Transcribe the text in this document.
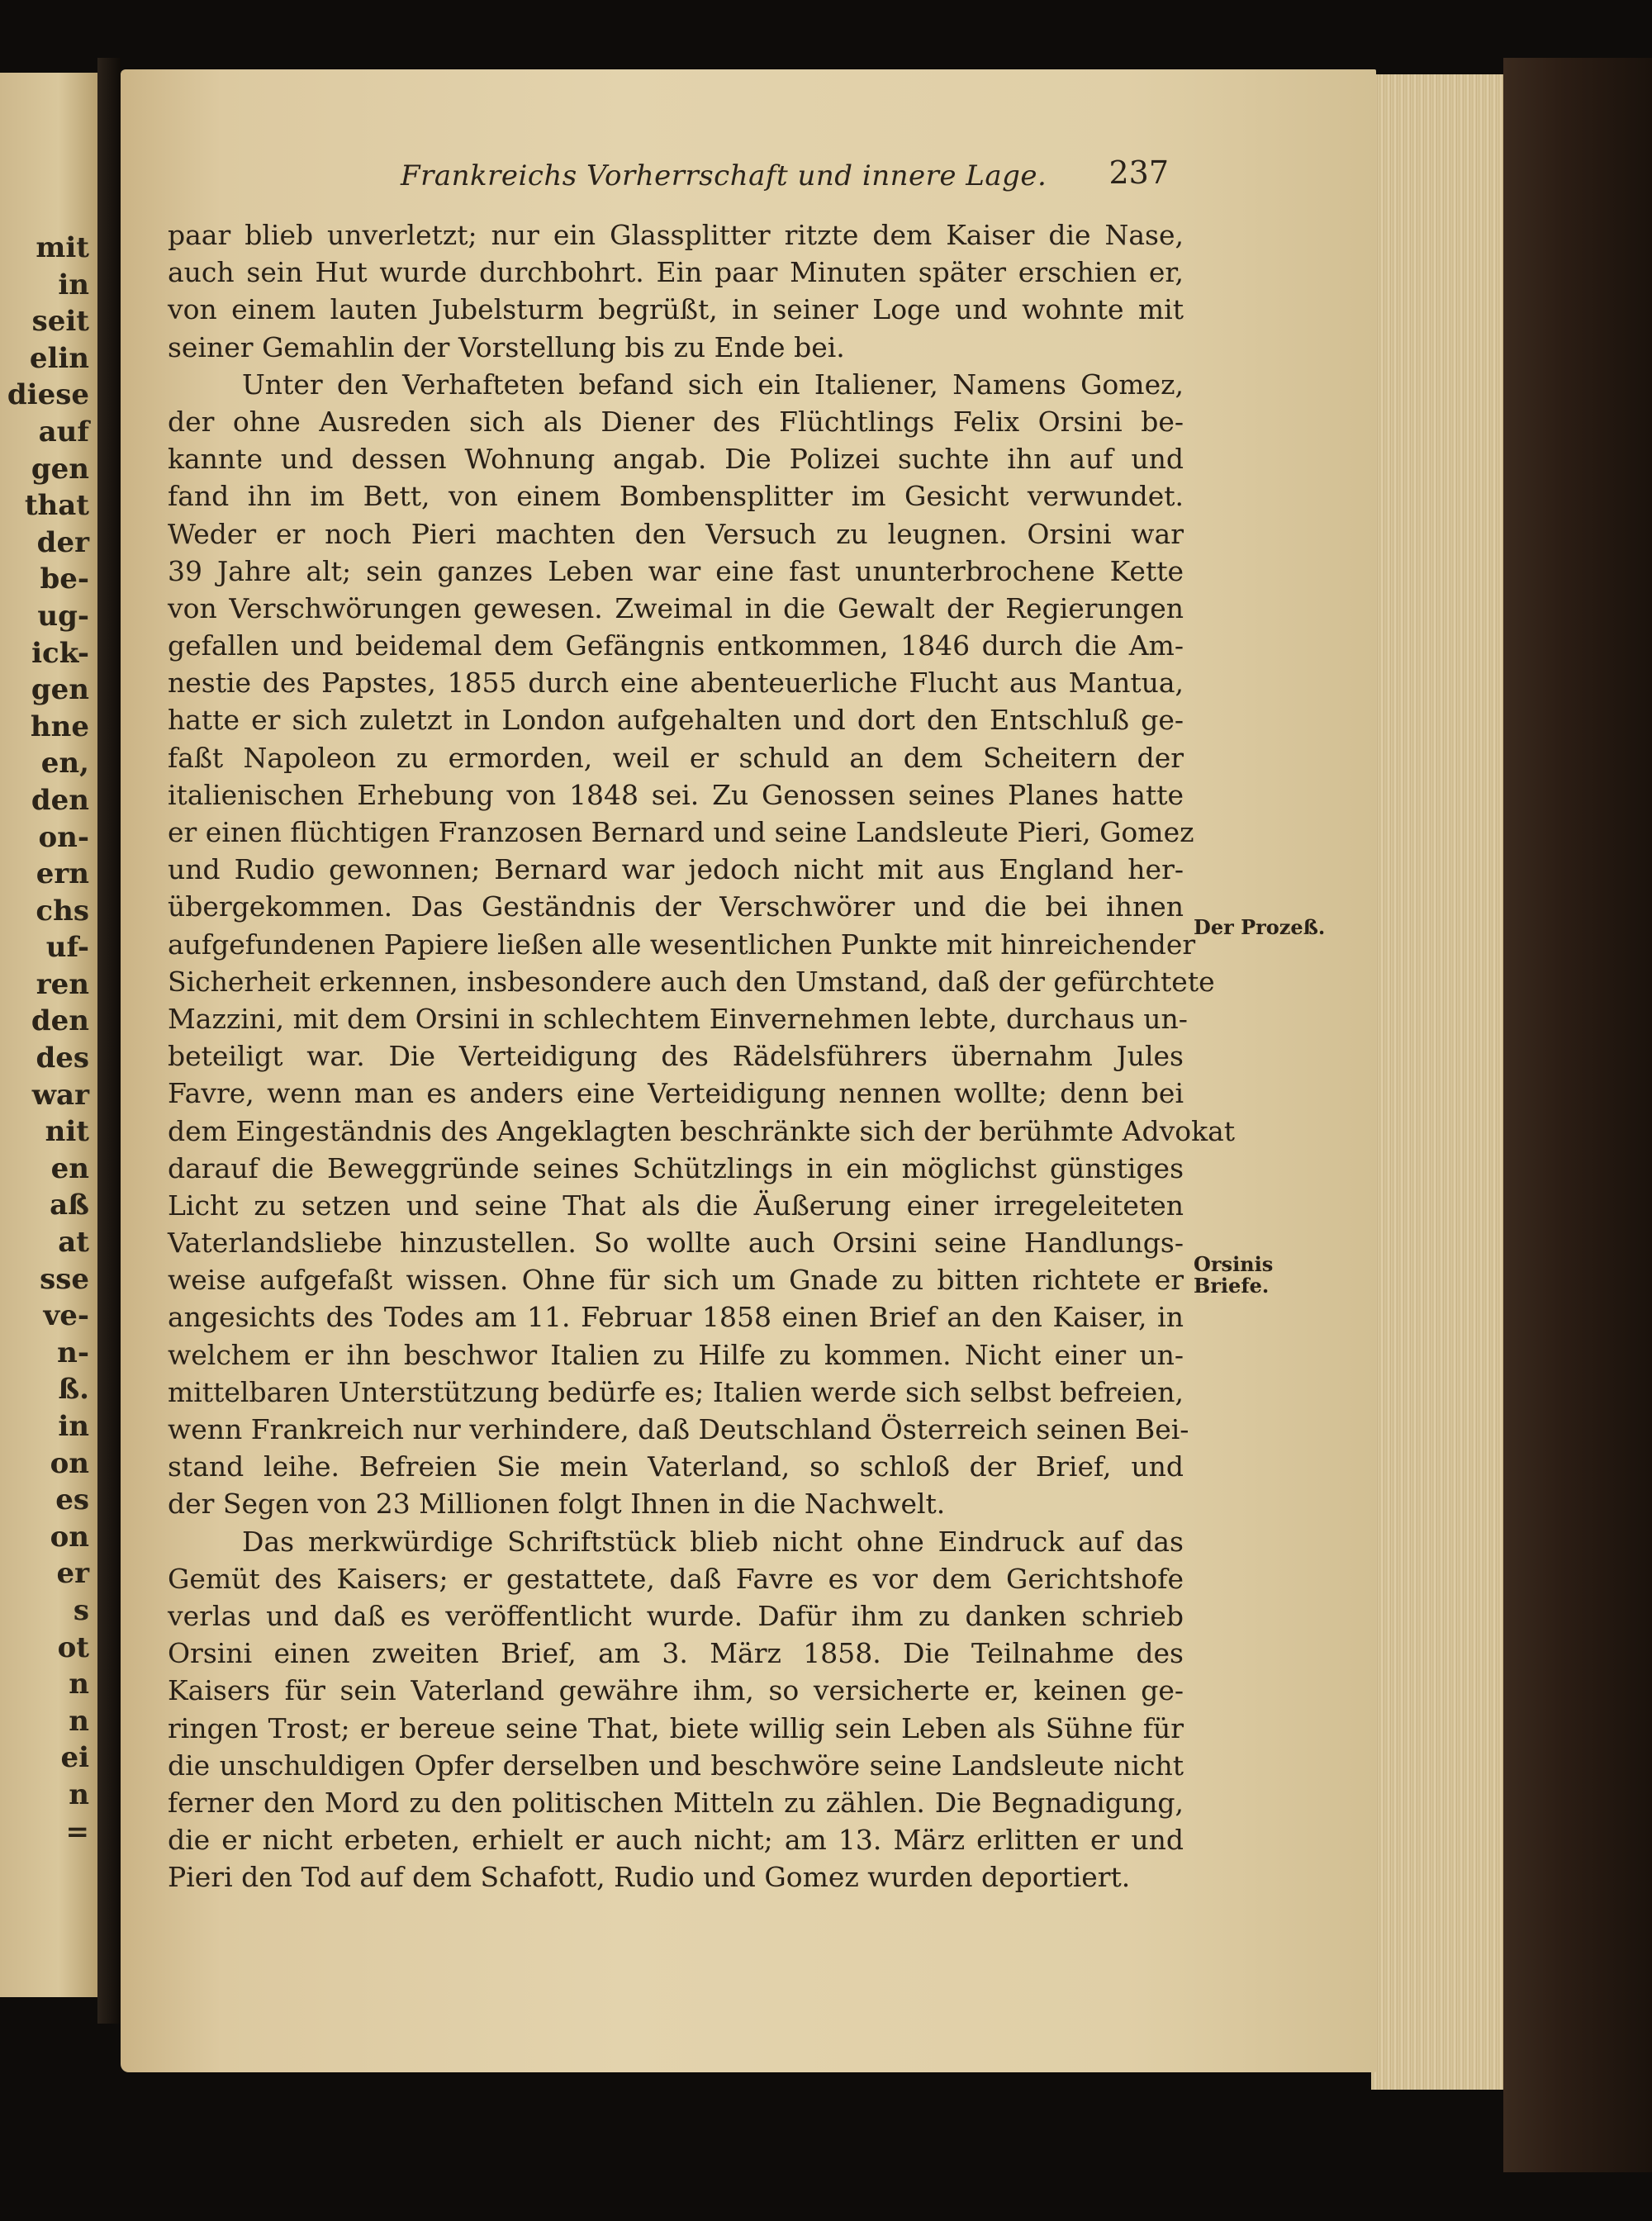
mit
in
seit
elin
diese
auf
gen
that
der
be-
ug-
ick-
gen
hne
en,
den
on-
ern
chs
uf-
ren
den
des
war
nit
en
aß
at
sse
ve-
n-
ß.
in
on
es
on
er
s
ot
n
n
ei
n
=
Frankreichs Vorherrschaft und innere Lage. 237
paar blieb unverletzt; nur ein Glassplitter ritzte dem Kaiser die Nase,
auch sein Hut wurde durchbohrt. Ein paar Minuten später erschien er,
von einem lauten Jubelsturm begrüßt, in seiner Loge und wohnte mit
seiner Gemahlin der Vorstellung bis zu Ende bei.
Unter den Verhafteten befand sich ein Italiener, Namens Gomez,
der ohne Ausreden sich als Diener des Flüchtlings Felix Orsini be-
kannte und dessen Wohnung angab. Die Polizei suchte ihn auf und
fand ihn im Bett, von einem Bombensplitter im Gesicht verwundet.
Weder er noch Pieri machten den Versuch zu leugnen. Orsini war
39 Jahre alt; sein ganzes Leben war eine fast ununterbrochene Kette
von Verschwörungen gewesen. Zweimal in die Gewalt der Regierungen
gefallen und beidemal dem Gefängnis entkommen, 1846 durch die Am-
nestie des Papstes, 1855 durch eine abenteuerliche Flucht aus Mantua,
hatte er sich zuletzt in London aufgehalten und dort den Entschluß ge-
faßt Napoleon zu ermorden, weil er schuld an dem Scheitern der
italienischen Erhebung von 1848 sei. Zu Genossen seines Planes hatte
er einen flüchtigen Franzosen Bernard und seine Landsleute Pieri, Gomez
und Rudio gewonnen; Bernard war jedoch nicht mit aus England her-
übergekommen. Das Geständnis der Verschwörer und die bei ihnen
aufgefundenen Papiere ließen alle wesentlichen Punkte mit hinreichender
Sicherheit erkennen, insbesondere auch den Umstand, daß der gefürchtete
Mazzini, mit dem Orsini in schlechtem Einvernehmen lebte, durchaus un-
beteiligt war. Die Verteidigung des Rädelsführers übernahm Jules
Favre, wenn man es anders eine Verteidigung nennen wollte; denn bei
dem Eingeständnis des Angeklagten beschränkte sich der berühmte Advokat
darauf die Beweggründe seines Schützlings in ein möglichst günstiges
Licht zu setzen und seine That als die Äußerung einer irregeleiteten
Vaterlandsliebe hinzustellen. So wollte auch Orsini seine Handlungs-
weise aufgefaßt wissen. Ohne für sich um Gnade zu bitten richtete er
angesichts des Todes am 11. Februar 1858 einen Brief an den Kaiser, in
welchem er ihn beschwor Italien zu Hilfe zu kommen. Nicht einer un-
mittelbaren Unterstützung bedürfe es; Italien werde sich selbst befreien,
wenn Frankreich nur verhindere, daß Deutschland Österreich seinen Bei-
stand leihe. Befreien Sie mein Vaterland, so schloß der Brief, und
der Segen von 23 Millionen folgt Ihnen in die Nachwelt.
Das merkwürdige Schriftstück blieb nicht ohne Eindruck auf das
Gemüt des Kaisers; er gestattete, daß Favre es vor dem Gerichtshofe
verlas und daß es veröffentlicht wurde. Dafür ihm zu danken schrieb
Orsini einen zweiten Brief, am 3. März 1858. Die Teilnahme des
Kaisers für sein Vaterland gewähre ihm, so versicherte er, keinen ge-
ringen Trost; er bereue seine That, biete willig sein Leben als Sühne für
die unschuldigen Opfer derselben und beschwöre seine Landsleute nicht
ferner den Mord zu den politischen Mitteln zu zählen. Die Begnadigung,
die er nicht erbeten, erhielt er auch nicht; am 13. März erlitten er und
Pieri den Tod auf dem Schafott, Rudio und Gomez wurden deportiert.
Der Prozeß.
Orsinis
Briefe.
